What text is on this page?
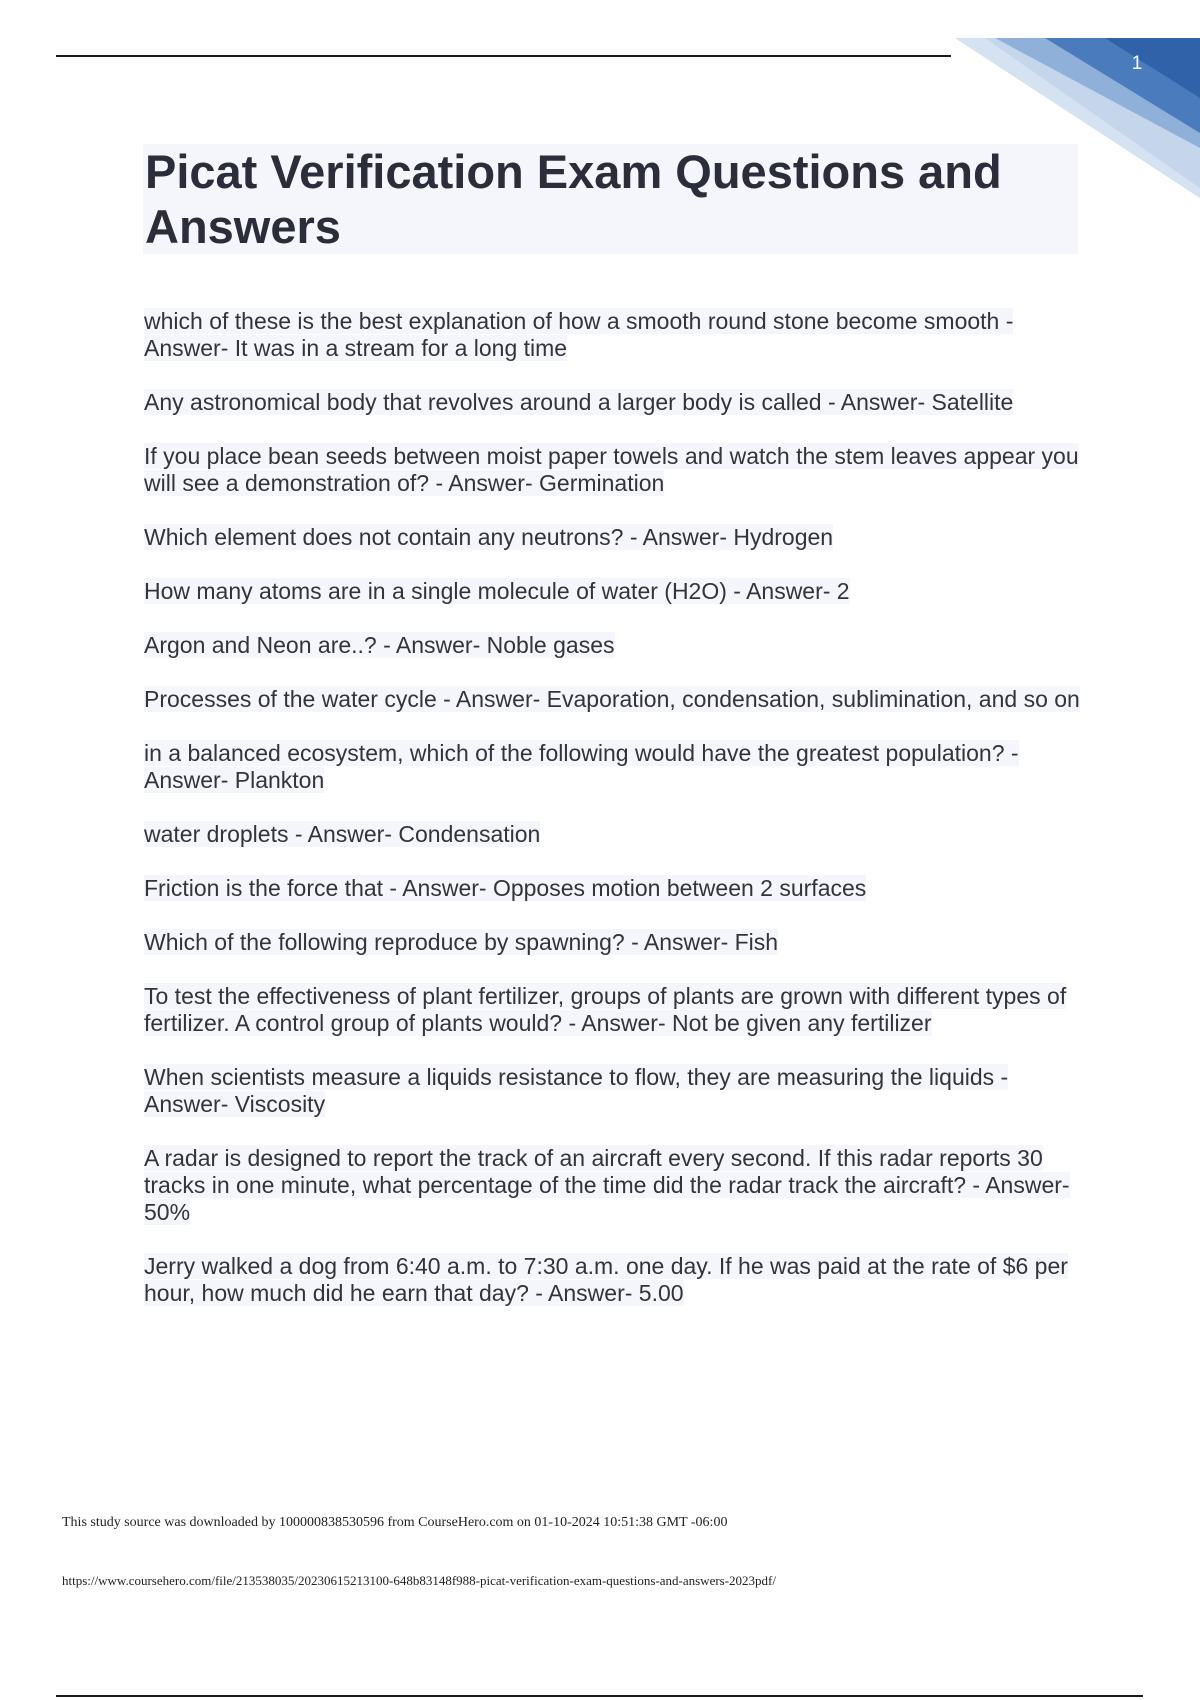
1
Picat Verification Exam Questions and Answers
which of these is the best explanation of how a smooth round stone become smooth - Answer- It was in a stream for a long time
Any astronomical body that revolves around a larger body is called - Answer- Satellite
If you place bean seeds between moist paper towels and watch the stem leaves appear you will see a demonstration of? - Answer- Germination
Which element does not contain any neutrons? - Answer- Hydrogen
How many atoms are in a single molecule of water (H2O) - Answer- 2
Argon and Neon are..? - Answer- Noble gases
Processes of the water cycle - Answer- Evaporation, condensation, sublimination, and so on
in a balanced ecosystem, which of the following would have the greatest population? - Answer- Plankton
water droplets - Answer- Condensation
Friction is the force that - Answer- Opposes motion between 2 surfaces
Which of the following reproduce by spawning? - Answer- Fish
To test the effectiveness of plant fertilizer, groups of plants are grown with different types of fertilizer. A control group of plants would? - Answer- Not be given any fertilizer
When scientists measure a liquids resistance to flow, they are measuring the liquids - Answer- Viscosity
A radar is designed to report the track of an aircraft every second. If this radar reports 30 tracks in one minute, what percentage of the time did the radar track the aircraft? - Answer- 50%
Jerry walked a dog from 6:40 a.m. to 7:30 a.m. one day. If he was paid at the rate of $6 per hour, how much did he earn that day? - Answer- 5.00
This study source was downloaded by 100000838530596 from CourseHero.com on 01-10-2024 10:51:38 GMT -06:00
https://www.coursehero.com/file/213538035/20230615213100-648b83148f988-picat-verification-exam-questions-and-answers-2023pdf/
